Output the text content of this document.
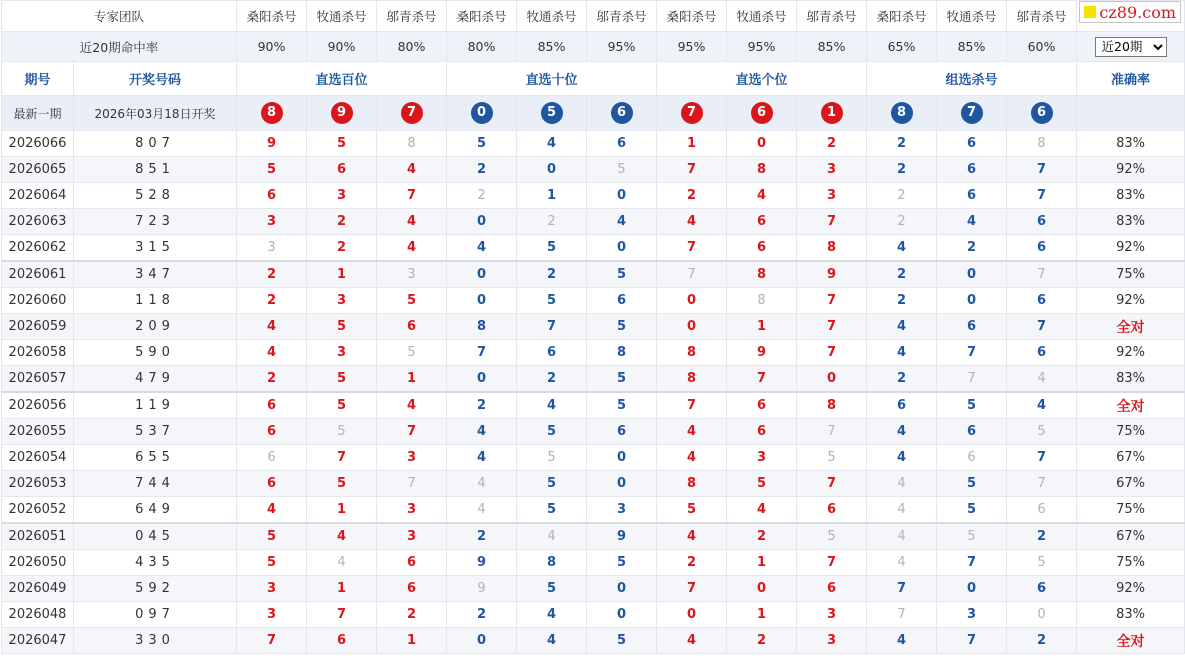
专家团队		桑阳杀号	牧通杀号	邬青杀号	桑阳杀号	牧通杀号	邬青杀号	桑阳杀号	牧通杀号	邬青杀号	桑阳杀号	牧通杀号	邬青杀号	
近20期命中率		90%	90%	80%	80%	85%	95%	95%	95%	85%	65%	85%	60%	
近20期
期号	开奖号码	直选百位			直选十位			直选个位			组选杀号			准确率
最新一期	2026年03月18日开奖	8	9	7	0	5	6	7	6	1	8	7	6	
2026066	807	9	5	8	5	4	6	1	0	2	2	6	8	83%
2026065	851	5	6	4	2	0	5	7	8	3	2	6	7	92%
2026064	528	6	3	7	2	1	0	2	4	3	2	6	7	83%
2026063	723	3	2	4	0	2	4	4	6	7	2	4	6	83%
2026062	315	3	2	4	4	5	0	7	6	8	4	2	6	92%
2026061	347	2	1	3	0	2	5	7	8	9	2	0	7	75%
2026060	118	2	3	5	0	5	6	0	8	7	2	0	6	92%
2026059	209	4	5	6	8	7	5	0	1	7	4	6	7	全对
2026058	590	4	3	5	7	6	8	8	9	7	4	7	6	92%
2026057	479	2	5	1	0	2	5	8	7	0	2	7	4	83%
2026056	119	6	5	4	2	4	5	7	6	8	6	5	4	全对
2026055	537	6	5	7	4	5	6	4	6	7	4	6	5	75%
2026054	655	6	7	3	4	5	0	4	3	5	4	6	7	67%
2026053	744	6	5	7	4	5	0	8	5	7	4	5	7	67%
2026052	649	4	1	3	4	5	3	5	4	6	4	5	6	75%
2026051	045	5	4	3	2	4	9	4	2	5	4	5	2	67%
2026050	435	5	4	6	9	8	5	2	1	7	4	7	5	75%
2026049	592	3	1	6	9	5	0	7	0	6	7	0	6	92%
2026048	097	3	7	2	2	4	0	0	1	3	7	3	0	83%
2026047	330	7	6	1	0	4	5	4	2	3	4	7	2	全对
cz89.com
